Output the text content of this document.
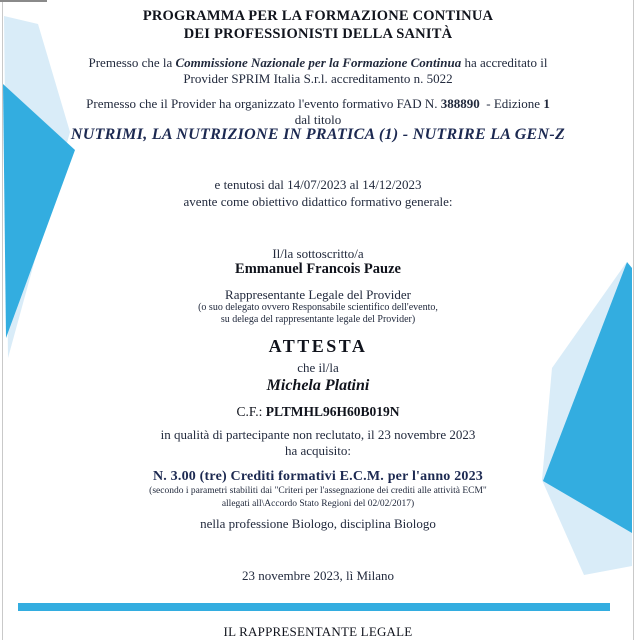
PROGRAMMA PER LA FORMAZIONE CONTINUA
DEI PROFESSIONISTI DELLA SANITÀ
Premesso che la Commissione Nazionale per la Formazione Continua ha accreditato il Provider SPRIM Italia S.r.l. accreditamento n. 5022
Premesso che il Provider ha organizzato l'evento formativo FAD N. 388890  - Edizione 1
dal titolo
NUTRIMI, LA NUTRIZIONE IN PRATICA (1) - NUTRIRE LA GEN-Z
e tenutosi dal 14/07/2023 al 14/12/2023
avente come obiettivo didattico formativo generale:
Il/la sottoscritto/a
Emmanuel Francois Pauze
Rappresentante Legale del Provider
(o suo delegato ovvero Responsabile scientifico dell'evento,
su delega del rappresentante legale del Provider)
ATTESTA
che il/la
Michela Platini
C.F.: PLTMHL96H60B019N
in qualità di partecipante non reclutato, il 23 novembre 2023
ha acquisito:
N. 3.00 (tre) Crediti formativi E.C.M. per l'anno 2023
(secondo i parametri stabiliti dai "Criteri per l'assegnazione dei crediti alle attività ECM"
allegati all\Accordo Stato Regioni del 02/02/2017)
nella professione Biologo, disciplina Biologo
23 novembre 2023, lì Milano
IL RAPPRESENTANTE LEGALE
